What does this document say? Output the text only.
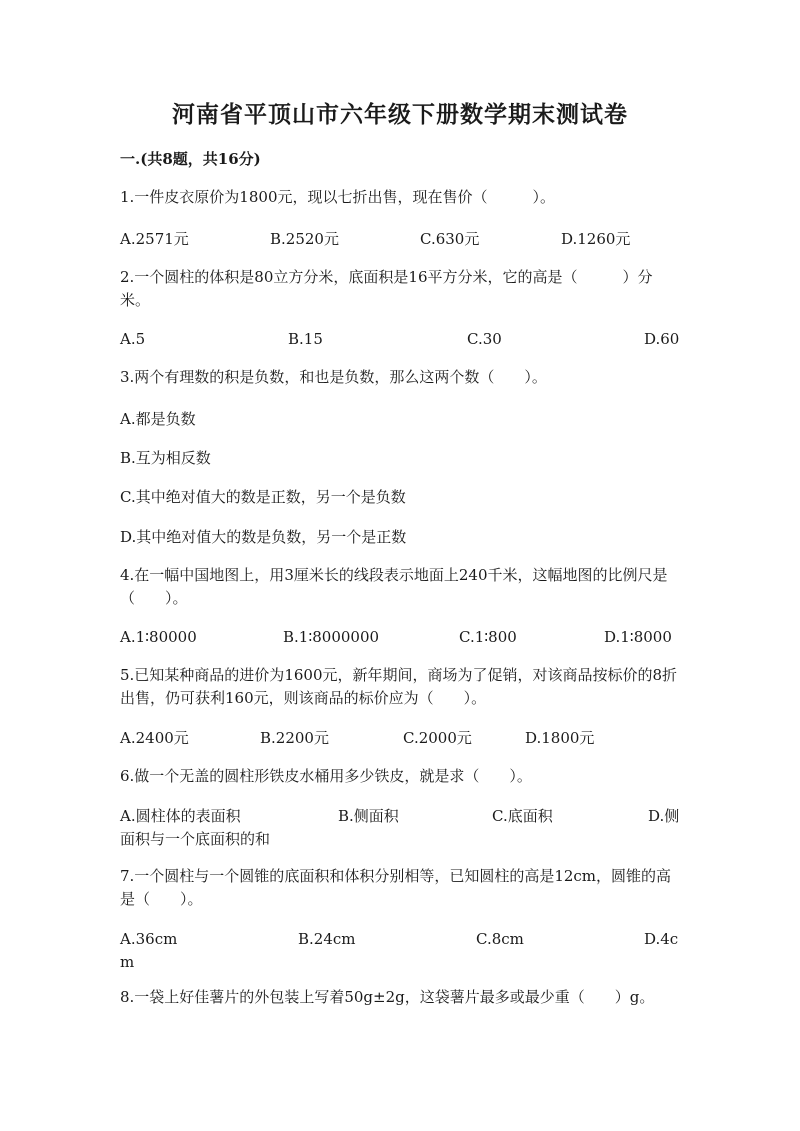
河南省平顶山市六年级下册数学期末测试卷
一.(共8题，共16分)
1.一件皮衣原价为1800元，现以七折出售，现在售价（　　　）。
A.2571元	B.2520元	C.630元	D.1260元
2.一个圆柱的体积是80立方分米，底面积是16平方分米，它的高是（　　　）分米。
A.5	B.15	C.30	D.60
3.两个有理数的积是负数，和也是负数，那么这两个数（　　）。
A.都是负数
B.互为相反数
C.其中绝对值大的数是正数，另一个是负数
D.其中绝对值大的数是负数，另一个是正数
4.在一幅中国地图上，用3厘米长的线段表示地面上240千米，这幅地图的比例尺是（　　）。
A.1∶80000	B.1∶8000000	C.1∶800	D.1∶8000
5.已知某种商品的进价为1600元，新年期间，商场为了促销，对该商品按标价的8折出售，仍可获利160元，则该商品的标价应为（　　）。
A.2400元	B.2200元	C.2000元	D.1800元
6.做一个无盖的圆柱形铁皮水桶用多少铁皮，就是求（　　）。
A.圆柱体的表面积	B.侧面积	C.底面积	D.侧面积与一个底面积的和
7.一个圆柱与一个圆锥的底面积和体积分别相等，已知圆柱的高是12cm，圆锥的高是（　　）。
A.36cm	B.24cm	C.8cm	D.4cm
8.一袋上好佳薯片的外包装上写着50g±2g，这袋薯片最多或最少重（　　）g。
